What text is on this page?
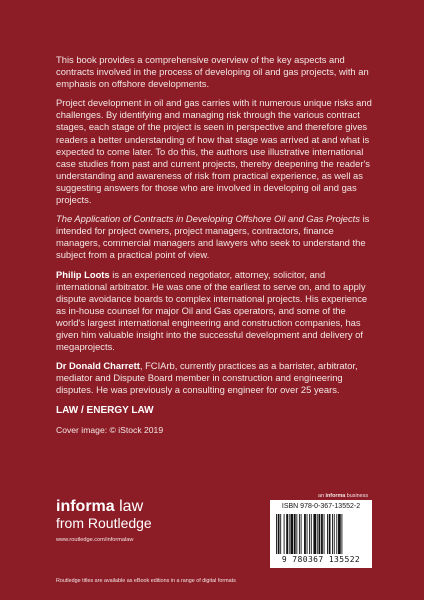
This book provides a comprehensive overview of the key aspects and contracts involved in the process of developing oil and gas projects, with an emphasis on offshore developments.

Project development in oil and gas carries with it numerous unique risks and challenges. By identifying and managing risk through the various contract stages, each stage of the project is seen in perspective and therefore gives readers a better understanding of how that stage was arrived at and what is expected to come later. To do this, the authors use illustrative international case studies from past and current projects, thereby deepening the reader's understanding and awareness of risk from practical experience, as well as suggesting answers for those who are involved in developing oil and gas projects.

The Application of Contracts in Developing Offshore Oil and Gas Projects is intended for project owners, project managers, contractors, finance managers, commercial managers and lawyers who seek to understand the subject from a practical point of view.

Philip Loots is an experienced negotiator, attorney, solicitor, and international arbitrator. He was one of the earliest to serve on, and to apply dispute avoidance boards to complex international projects. His experience as in-house counsel for major Oil and Gas operators, and some of the world's largest international engineering and construction companies, has given him valuable insight into the successful development and delivery of megaprojects.

Dr Donald Charrett, FCIArb, currently practices as a barrister, arbitrator, mediator and Dispute Board member in construction and engineering disputes. He was previously a consulting engineer for over 25 years.

LAW / ENERGY LAW

Cover image: © iStock 2019

informa law
from Routledge
www.routledge.com/informalaw
Routledge titles are available as eBook editions in a range of digital formats
an informa business
ISBN 978-0-367-13552-2
9 780367 135522
